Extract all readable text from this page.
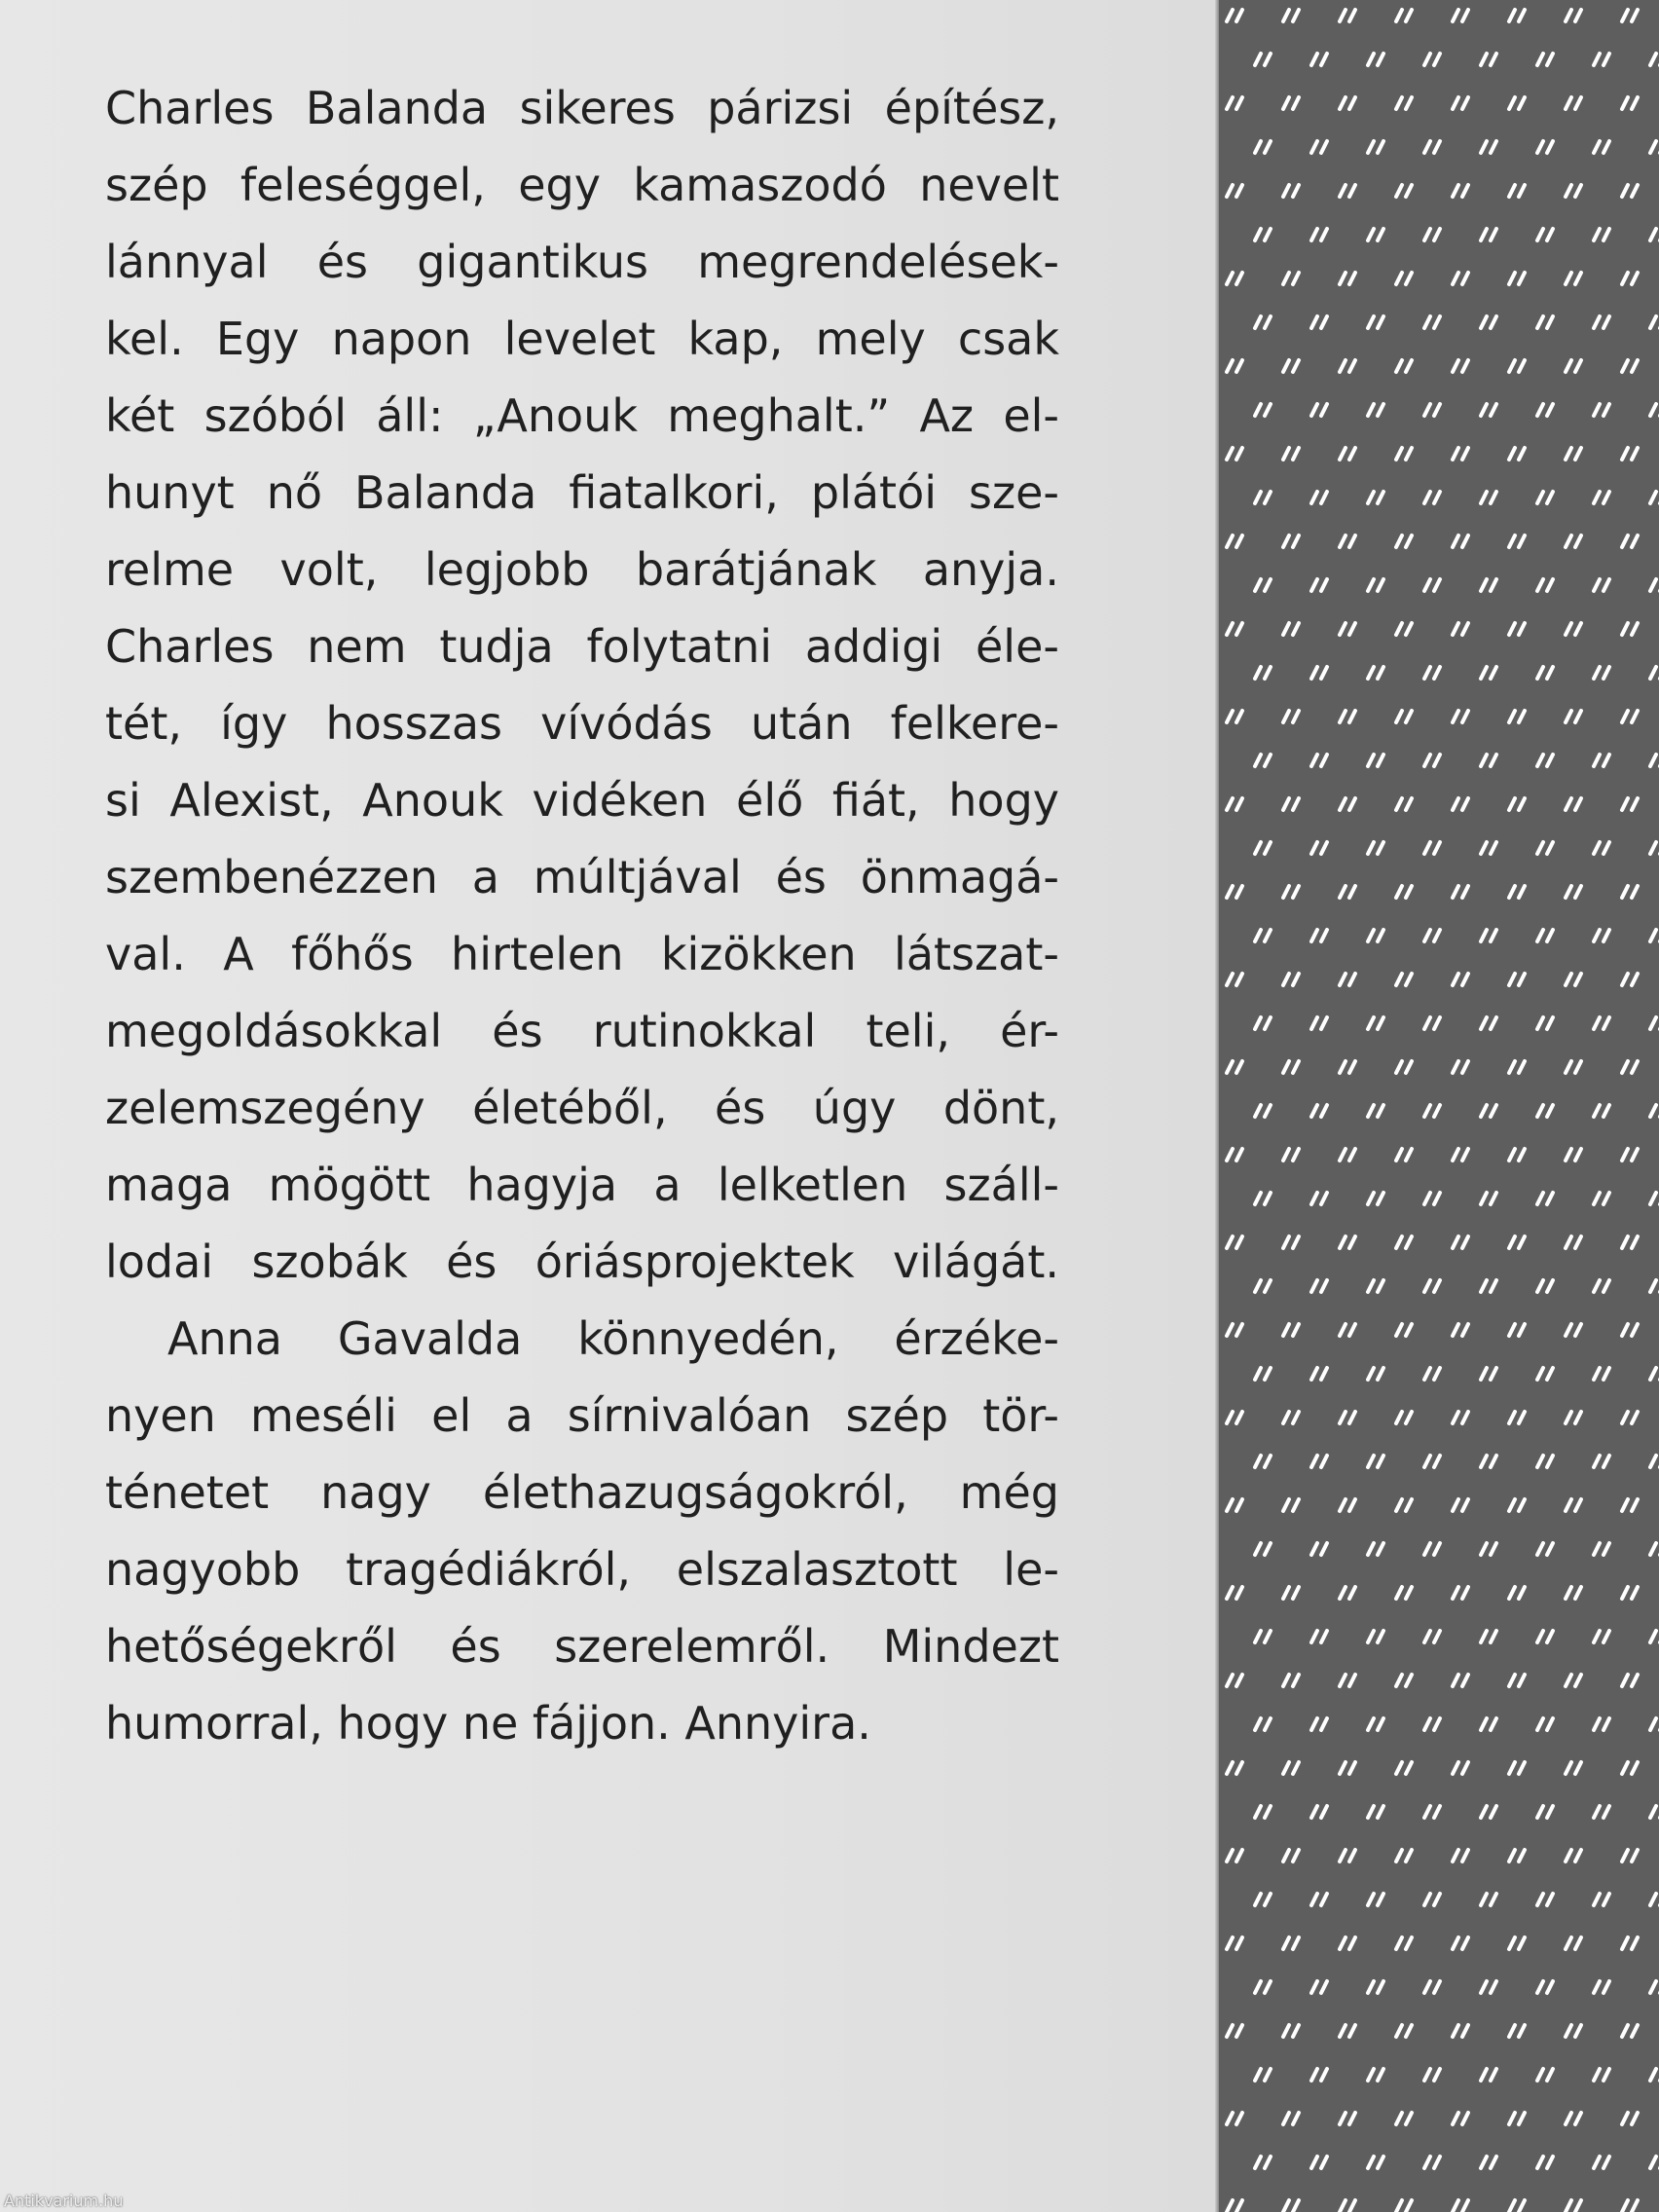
Charles Balanda sikeres párizsi építész,
szép feleséggel, egy kamaszodó nevelt
lánnyal és gigantikus megrendelések-
kel. Egy napon levelet kap, mely csak
két szóból áll: „Anouk meghalt.” Az el-
hunyt nő Balanda fiatalkori, plátói sze-
relme volt, legjobb barátjának anyja.
Charles nem tudja folytatni addigi éle-
tét, így hosszas vívódás után felkere-
si Alexist, Anouk vidéken élő fiát, hogy
szembenézzen a múltjával és önmagá-
val. A főhős hirtelen kizökken látszat-
megoldásokkal és rutinokkal teli, ér-
zelemszegény életéből, és úgy dönt,
maga mögött hagyja a lelketlen száll-
lodai szobák és óriásprojektek világát.
Anna Gavalda könnyedén, érzéke-
nyen meséli el a sírnivalóan szép tör-
ténetet nagy élethazugságokról, még
nagyobb tragédiákról, elszalasztott le-
hetőségekről és szerelemről. Mindezt
humorral, hogy ne fájjon. Annyira.
Antikvarium.hu
